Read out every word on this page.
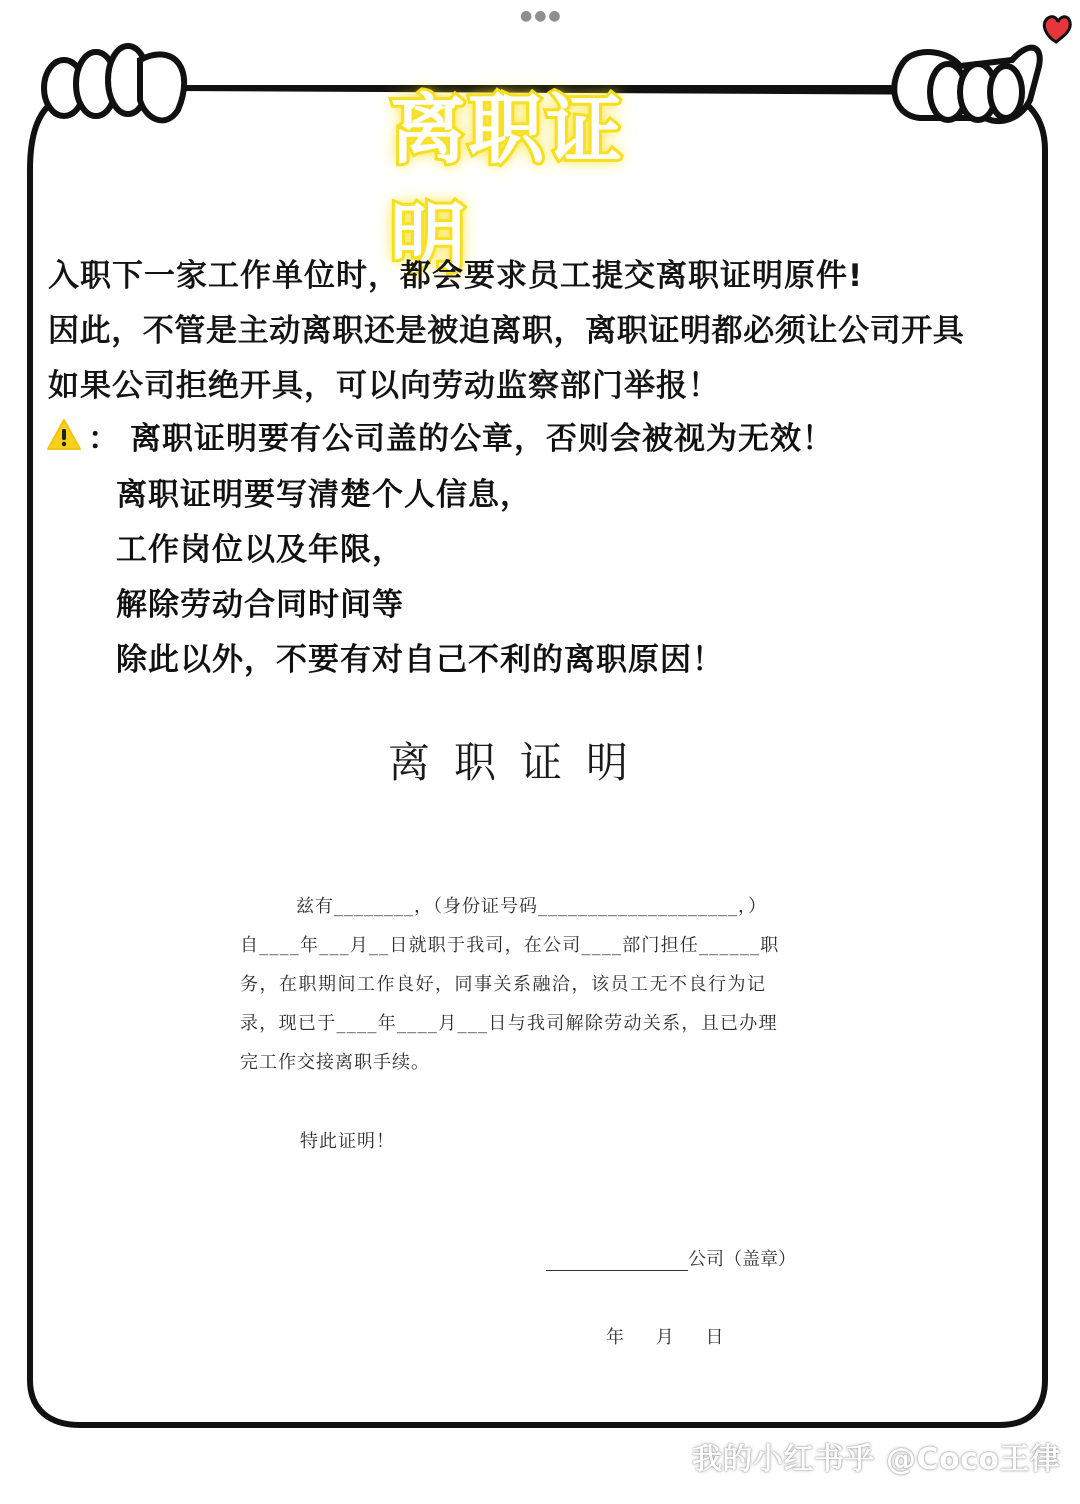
●●●
离职证明
入职下一家工作单位时，都会要求员工提交离职证明原件!
因此，不管是主动离职还是被迫离职，离职证明都必须让公司开具
如果公司拒绝开具，可以向劳动监察部门举报！
： 离职证明要有公司盖的公章，否则会被视为无效！
离职证明要写清楚个人信息，
工作岗位以及年限，
解除劳动合同时间等
除此以外，不要有对自己不利的离职原因！
离职证明
兹有________，（身份证号码____________________，）
自____年___月__日就职于我司，在公司____部门担任______职
务，在职期间工作良好，同事关系融洽，该员工无不良行为记
录，现已于____年____月___日与我司解除劳动关系，且已办理
完工作交接离职手续。
特此证明！
公司（盖章）
年 月 日
我的小红书乎 @Coco王律
